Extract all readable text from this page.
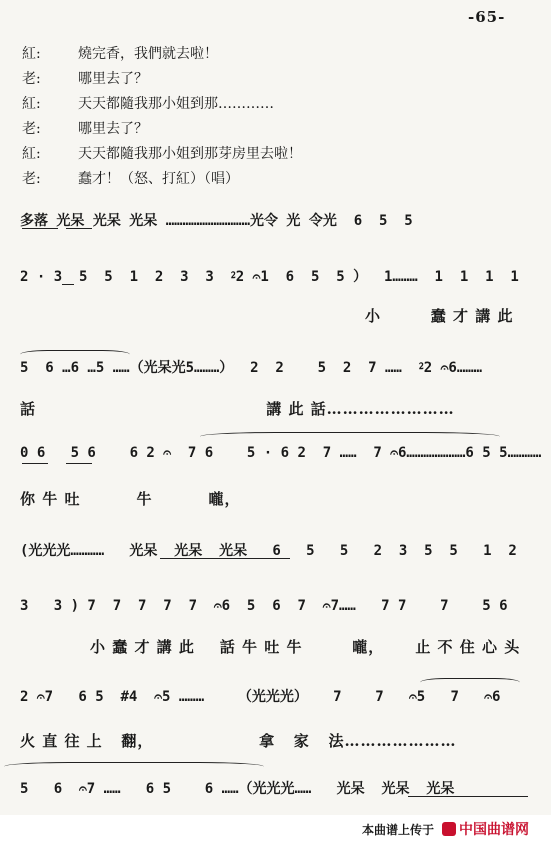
-65-
紅:	燒完香，我們就去啦！
老:	哪里去了？
紅:	天天都隨我那小姐到那…………
老:	哪里去了？
紅:	天天都隨我那小姐到那芽房里去啦！
老:	蠢才！（怒、打紅）（唱）
多落 光呆 光呆 光呆 …………………………光令 光 令光  6  5  5
2 · 3  5  5  1  2  3  3  ⁲2 𝄐1  6  5  5 ）  1………  1  1  1  1
小        蠢 才 講 此
5  6 …6 …5 ……（光呆光5………）  2  2    5  2  7 ……  ⁲2 𝄐6………
話                                     講 此 話……………………
0 6   5 6    6 2 𝄐  7 6    5 · 6 2  7 ……  7 𝄐6…………………6 5 5…………
你 牛 吐         牛         嚨，
(光光光…………   光呆  光呆  光呆   6   5   5   2  3  5  5   1  2
3   3 ) 7  7  7  7  7  𝄐6  5  6  7  𝄐7……   7 7    7    5 6
小 蠢 才 講 此    話 牛 吐 牛        嚨，     止 不 住 心 头
2 𝄐7   6 5  #4  𝄐5 ………    （光光光）   7    7   𝄐5   7   𝄐6
火 直 往 上   翻，                 拿   家   法…………………
5   6  𝄐7 ……   6 5    6 ……（光光光……   光呆  光呆  光呆
本曲谱上传于	中国曲谱网
